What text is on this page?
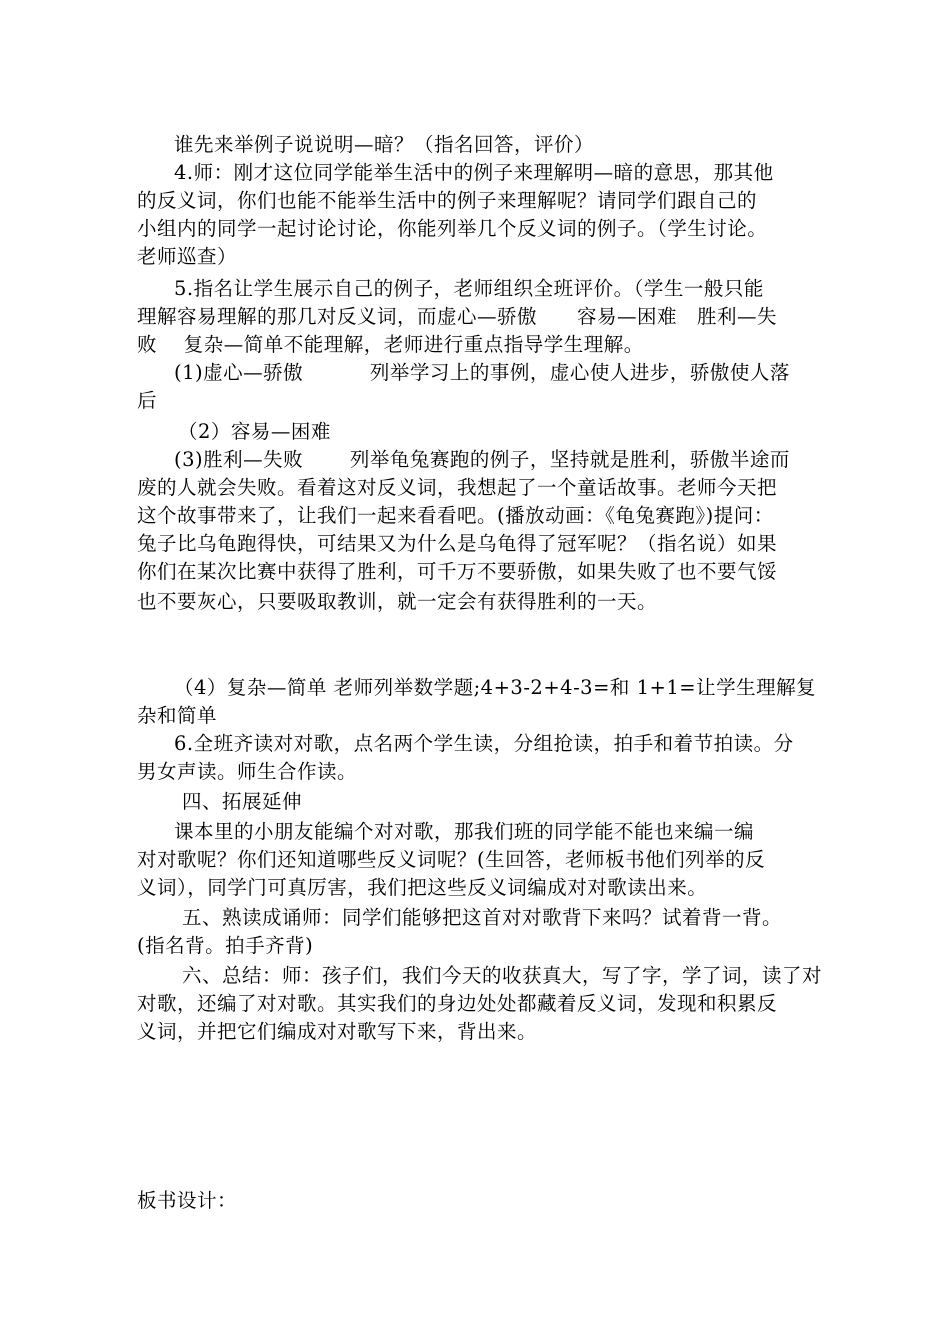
谁先来举例子说说明—暗？（指名回答，评价）
4.师：刚才这位同学能举生活中的例子来理解明—暗的意思，那其他
的反义词，你们也能不能举生活中的例子来理解呢？请同学们跟自己的
小组内的同学一起讨论讨论，你能列举几个反义词的例子。（学生讨论。
老师巡查）
5.指名让学生展示自己的例子，老师组织全班评价。（学生一般只能
理解容易理解的那几对反义词，而虚心—骄傲　　容易—困难　胜利—失
败　 复杂—简单不能理解，老师进行重点指导学生理解。
(1)虚心—骄傲　　　 列举学习上的事例，虚心使人进步，骄傲使人落
后
（2）容易—困难
(3)胜利—失败　　 列举龟兔赛跑的例子，坚持就是胜利，骄傲半途而
废的人就会失败。看着这对反义词，我想起了一个童话故事。老师今天把
这个故事带来了，让我们一起来看看吧。(播放动画：《龟兔赛跑》)提问：
兔子比乌龟跑得快，可结果又为什么是乌龟得了冠军呢？（指名说）如果
你们在某次比赛中获得了胜利，可千万不要骄傲，如果失败了也不要气馁
也不要灰心，只要吸取教训，就一定会有获得胜利的一天。
（4）复杂—简单 老师列举数学题;4+3-2+4-3=和 1+1=让学生理解复
杂和简单
6.全班齐读对对歌，点名两个学生读，分组抢读，拍手和着节拍读。分
男女声读。师生合作读。
四、拓展延伸
课本里的小朋友能编个对对歌，那我们班的同学能不能也来编一编
对对歌呢？你们还知道哪些反义词呢？(生回答，老师板书他们列举的反
义词），同学门可真厉害，我们把这些反义词编成对对歌读出来。
五、熟读成诵师：同学们能够把这首对对歌背下来吗？试着背一背。
(指名背。拍手齐背)
六、总结：师：孩子们，我们今天的收获真大，写了字，学了词，读了对
对歌，还编了对对歌。其实我们的身边处处都藏着反义词，发现和积累反
义词，并把它们编成对对歌写下来，背出来。
板书设计：
